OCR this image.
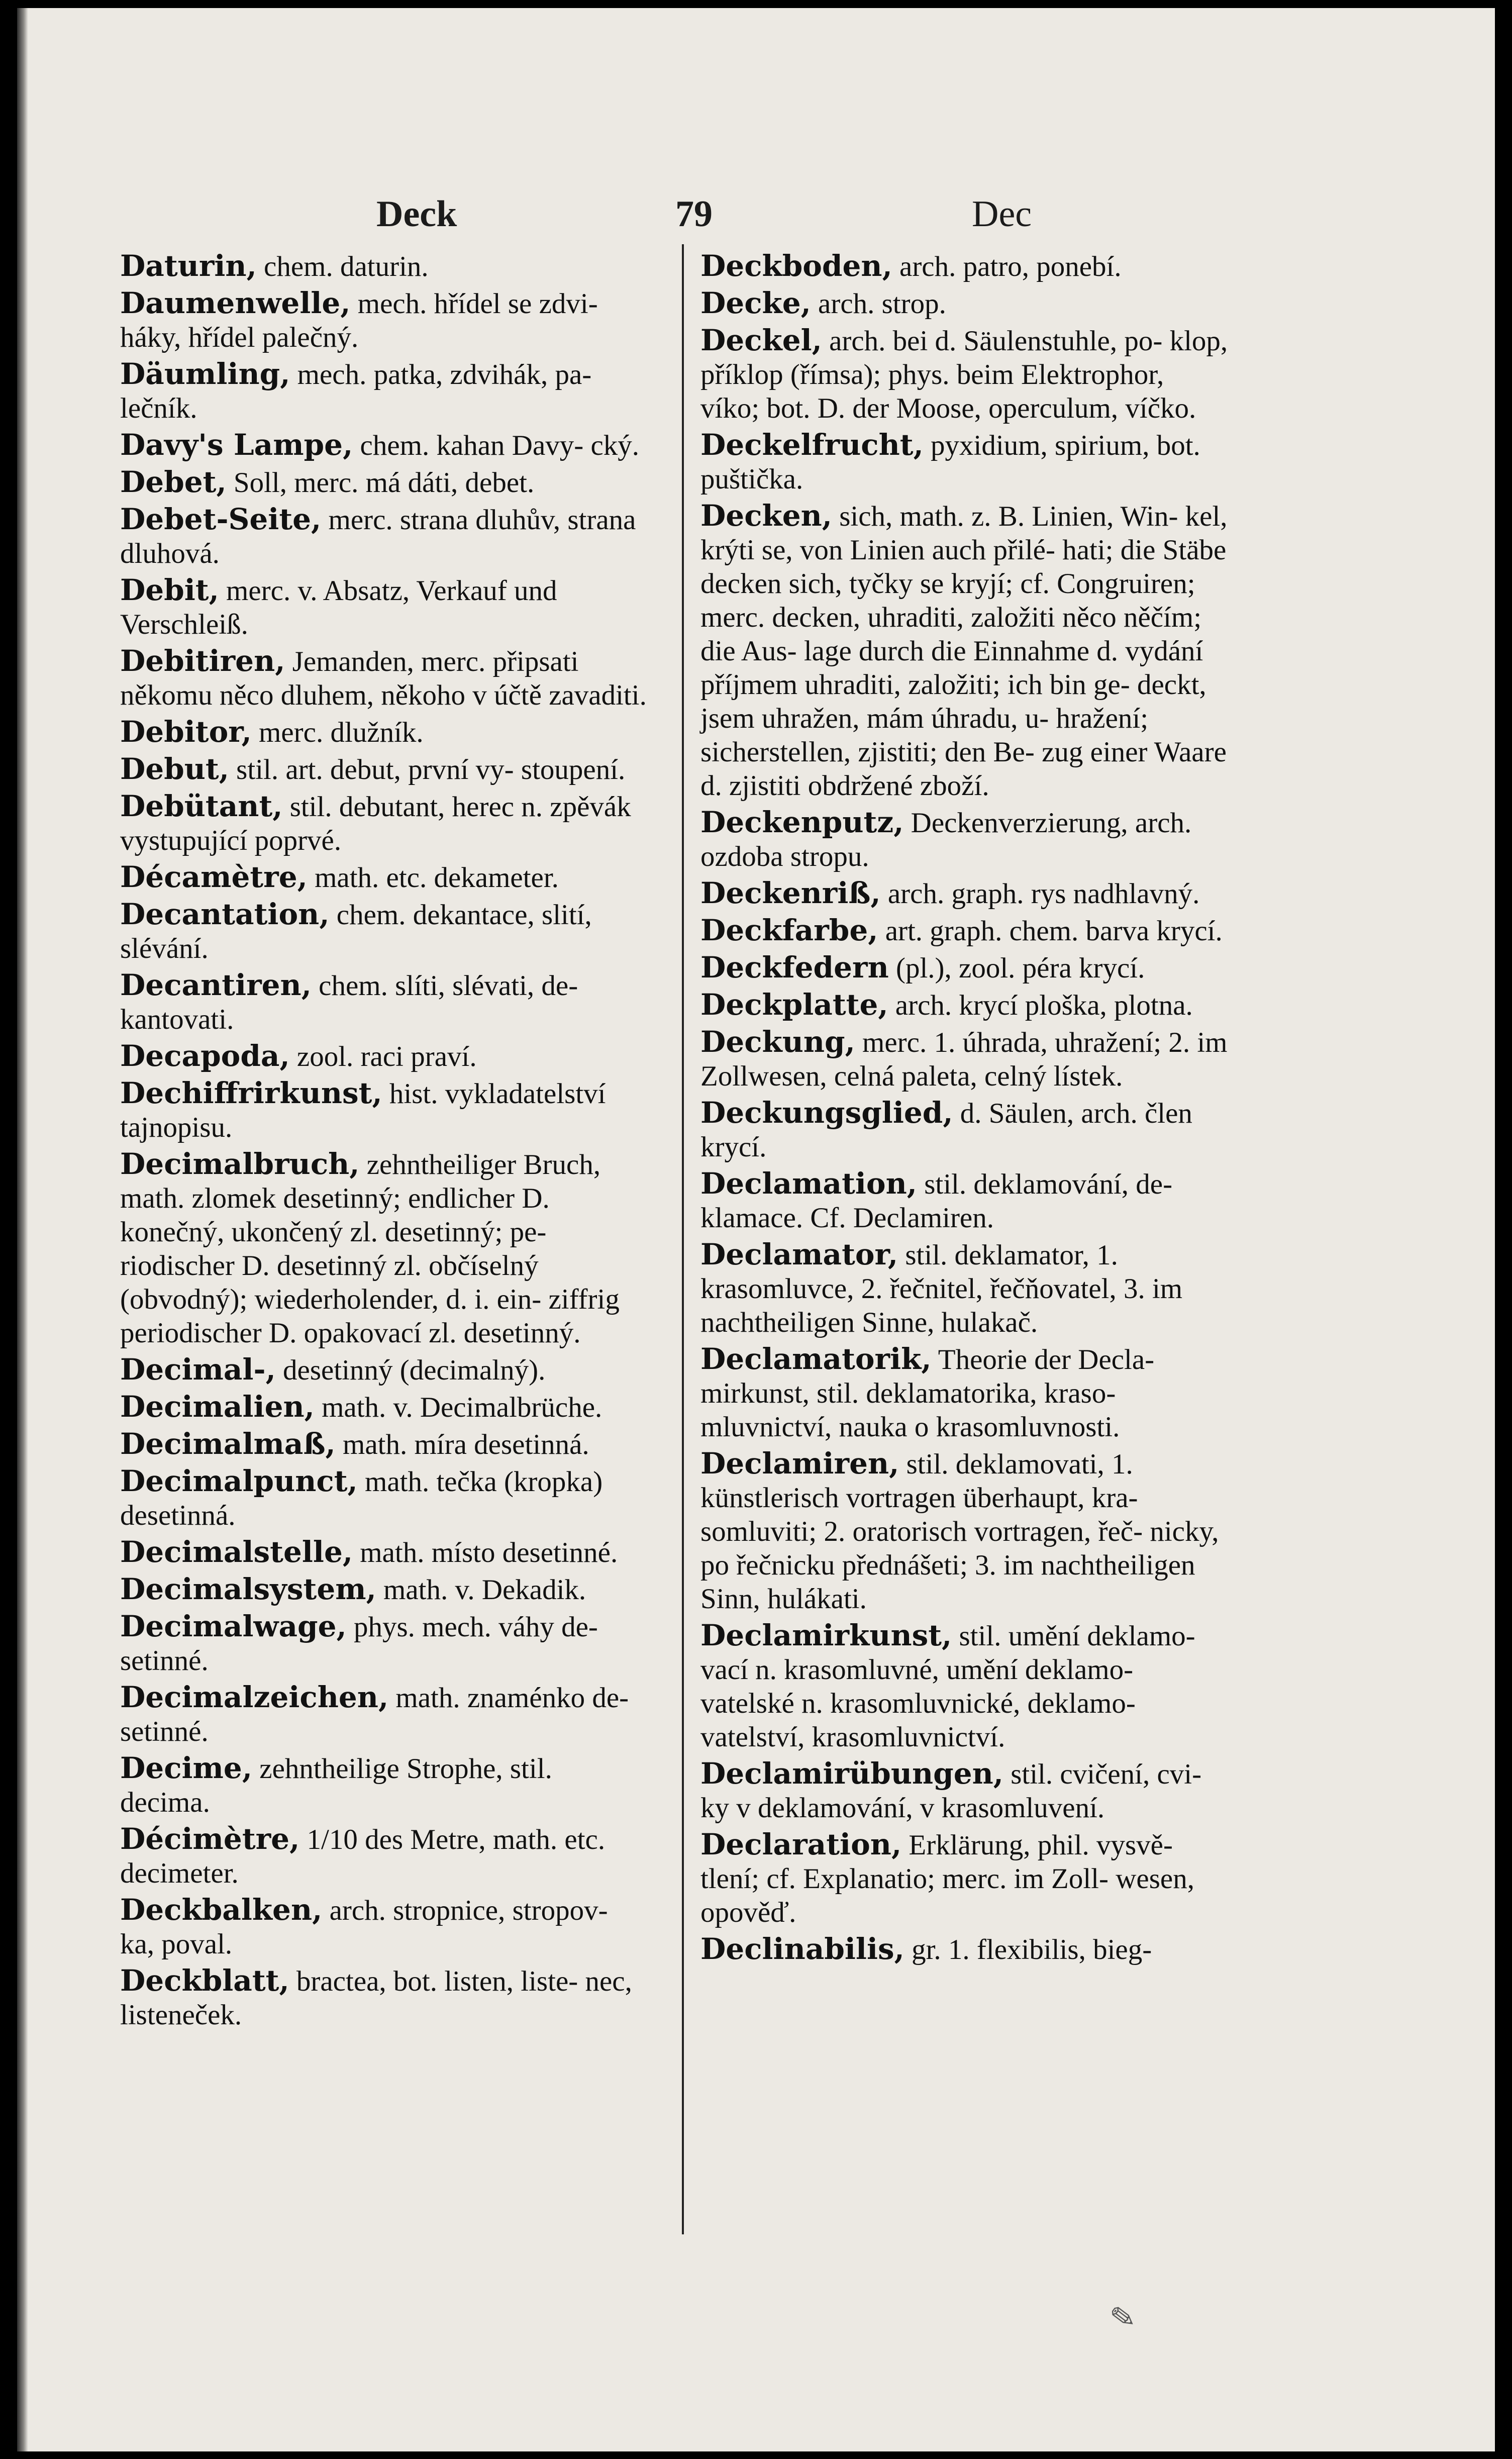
Deck	79	Dec
Daturin, chem. daturin.
Daumenwelle, mech. hřídel se zdvi- háky, hřídel palečný.
Däumling, mech. patka, zdvihák, pa- lečník.
Davy's Lampe, chem. kahan Davy- cký.
Debet, Soll, merc. má dáti, debet.
Debet-Seite, merc. strana dluhův, strana dluhová.
Debit, merc. v. Absatz, Verkauf und Verschleiß.
Debitiren, Jemanden, merc. připsati někomu něco dluhem, někoho v účtě zavaditi.
Debitor, merc. dlužník.
Debut, stil. art. debut, první vy- stoupení.
Debütant, stil. debutant, herec n. zpěvák vystupující poprvé.
Décamètre, math. etc. dekameter.
Decantation, chem. dekantace, slití, slévání.
Decantiren, chem. slíti, slévati, de- kantovati.
Decapoda, zool. raci praví.
Dechiffrirkunst, hist. vykladatelství tajnopisu.
Decimalbruch, zehntheiliger Bruch, math. zlomek desetinný; endlicher D. konečný, ukončený zl. desetinný; pe- riodischer D. desetinný zl. občíselný (obvodný); wiederholender, d. i. ein- ziffrig periodischer D. opakovací zl. desetinný.
Decimal-, desetinný (decimalný).
Decimalien, math. v. Decimalbrüche.
Decimalmaß, math. míra desetinná.
Decimalpunct, math. tečka (kropka) desetinná.
Decimalstelle, math. místo desetinné.
Decimalsystem, math. v. Dekadik.
Decimalwage, phys. mech. váhy de- setinné.
Decimalzeichen, math. znaménko de- setinné.
Decime, zehntheilige Strophe, stil. decima.
Décimètre, 1/10 des Metre, math. etc. decimeter.
Deckbalken, arch. stropnice, stropov- ka, poval.
Deckblatt, bractea, bot. listen, liste- nec, listeneček.
Deckboden, arch. patro, ponebí.
Decke, arch. strop.
Deckel, arch. bei d. Säulenstuhle, po- klop, příklop (římsa); phys. beim Elektrophor, víko; bot. D. der Moose, operculum, víčko.
Deckelfrucht, pyxidium, spirium, bot. puštička.
Decken, sich, math. z. B. Linien, Win- kel, krýti se, von Linien auch přilé- hati; die Stäbe decken sich, tyčky se kryjí; cf. Congruiren; merc. decken, uhraditi, založiti něco něčím; die Aus- lage durch die Einnahme d. vydání příjmem uhraditi, založiti; ich bin ge- deckt, jsem uhražen, mám úhradu, u- hražení; sicherstellen, zjistiti; den Be- zug einer Waare d. zjistiti obdržené zboží.
Deckenputz, Deckenverzierung, arch. ozdoba stropu.
Deckenriß, arch. graph. rys nadhlavný.
Deckfarbe, art. graph. chem. barva krycí.
Deckfedern (pl.), zool. péra krycí.
Deckplatte, arch. krycí ploška, plotna.
Deckung, merc. 1. úhrada, uhražení; 2. im Zollwesen, celná paleta, celný lístek.
Deckungsglied, d. Säulen, arch. člen krycí.
Declamation, stil. deklamování, de- klamace. Cf. Declamiren.
Declamator, stil. deklamator, 1. krasomluvce, 2. řečnitel, řečňovatel, 3. im nachtheiligen Sinne, hulakač.
Declamatorik, Theorie der Decla- mirkunst, stil. deklamatorika, kraso- mluvnictví, nauka o krasomluvnosti.
Declamiren, stil. deklamovati, 1. künstlerisch vortragen überhaupt, kra- somluviti; 2. oratorisch vortragen, řeč- nicky, po řečnicku přednášeti; 3. im nachtheiligen Sinn, hulákati.
Declamirkunst, stil. umění deklamo- vací n. krasomluvné, umění deklamo- vatelské n. krasomluvnické, deklamo- vatelství, krasomluvnictví.
Declamirübungen, stil. cvičení, cvi- ky v deklamování, v krasomluvení.
Declaration, Erklärung, phil. vysvě- tlení; cf. Explanatio; merc. im Zoll- wesen, opověď.
Declinabilis, gr. 1. flexibilis, bieg-
✎
